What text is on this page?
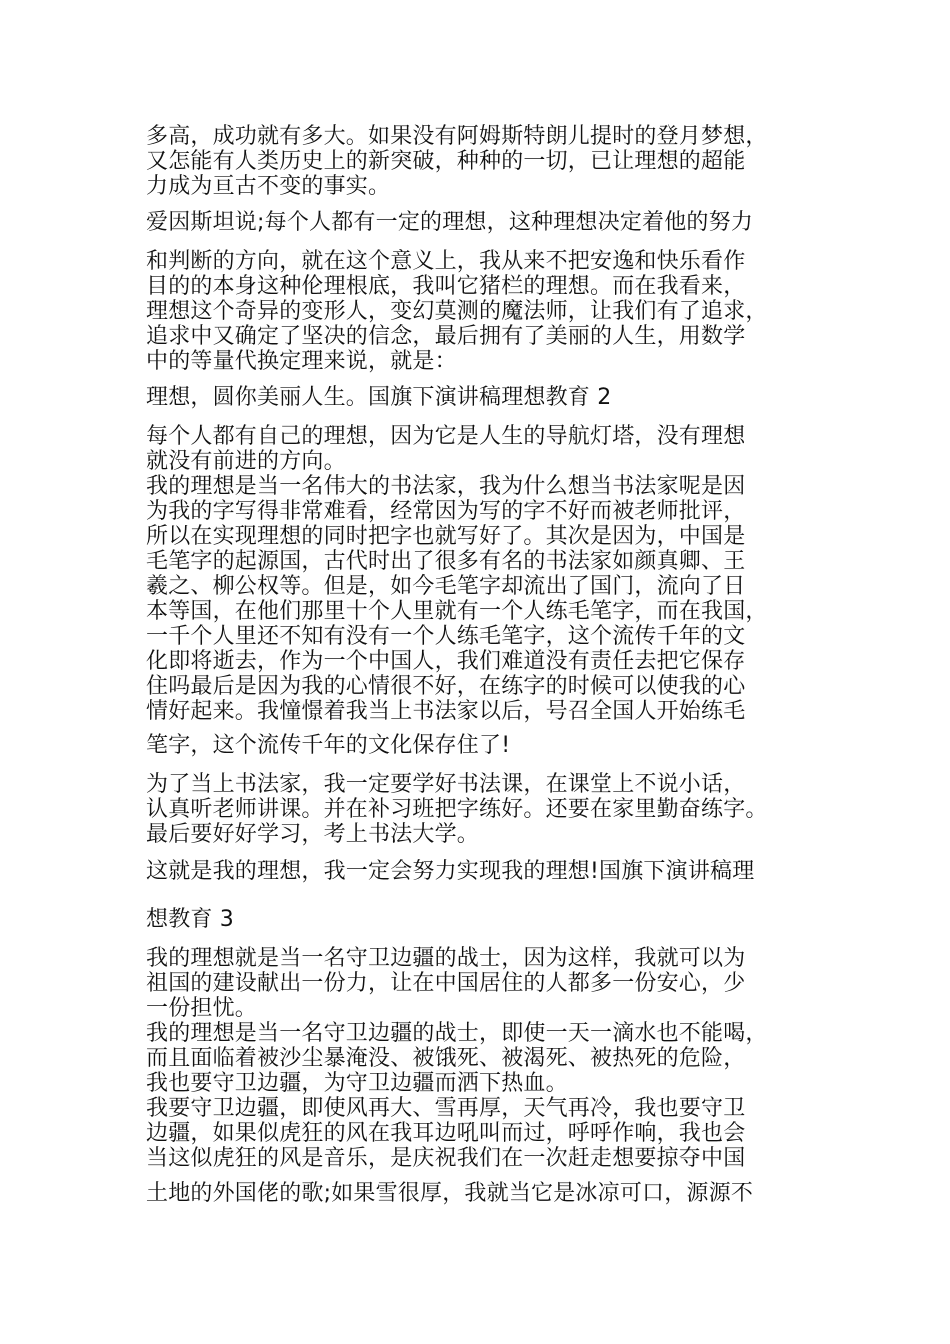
多高，成功就有多大。如果没有阿姆斯特朗儿提时的登月梦想，
又怎能有人类历史上的新突破，种种的一切，已让理想的超能
力成为亘古不变的事实。
爱因斯坦说;每个人都有一定的理想，这种理想决定着他的努力
和判断的方向，就在这个意义上，我从来不把安逸和快乐看作
目的的本身这种伦理根底，我叫它猪栏的理想。而在我看来，
理想这个奇异的变形人，变幻莫测的魔法师，让我们有了追求，
追求中又确定了坚决的信念，最后拥有了美丽的人生，用数学
中的等量代换定理来说，就是：
理想，圆你美丽人生。国旗下演讲稿理想教育 2
每个人都有自己的理想，因为它是人生的导航灯塔，没有理想
就没有前进的方向。
我的理想是当一名伟大的书法家，我为什么想当书法家呢是因
为我的字写得非常难看，经常因为写的字不好而被老师批评，
所以在实现理想的同时把字也就写好了。其次是因为，中国是
毛笔字的起源国，古代时出了很多有名的书法家如颜真卿、王
羲之、柳公权等。但是，如今毛笔字却流出了国门，流向了日
本等国，在他们那里十个人里就有一个人练毛笔字，而在我国，
一千个人里还不知有没有一个人练毛笔字，这个流传千年的文
化即将逝去，作为一个中国人，我们难道没有责任去把它保存
住吗最后是因为我的心情很不好，在练字的时候可以使我的心
情好起来。我憧憬着我当上书法家以后，号召全国人开始练毛
笔字，这个流传千年的文化保存住了!
为了当上书法家，我一定要学好书法课，在课堂上不说小话，
认真听老师讲课。并在补习班把字练好。还要在家里勤奋练字。
最后要好好学习，考上书法大学。
这就是我的理想，我一定会努力实现我的理想!国旗下演讲稿理
想教育 3
我的理想就是当一名守卫边疆的战士，因为这样，我就可以为
祖国的建设献出一份力，让在中国居住的人都多一份安心，少
一份担忧。
我的理想是当一名守卫边疆的战士，即使一天一滴水也不能喝，
而且面临着被沙尘暴淹没、被饿死、被渴死、被热死的危险，
我也要守卫边疆，为守卫边疆而洒下热血。
我要守卫边疆，即使风再大、雪再厚，天气再冷，我也要守卫
边疆，如果似虎狂的风在我耳边吼叫而过，呼呼作响，我也会
当这似虎狂的风是音乐，是庆祝我们在一次赶走想要掠夺中国
土地的外国佬的歌;如果雪很厚，我就当它是冰凉可口，源源不
